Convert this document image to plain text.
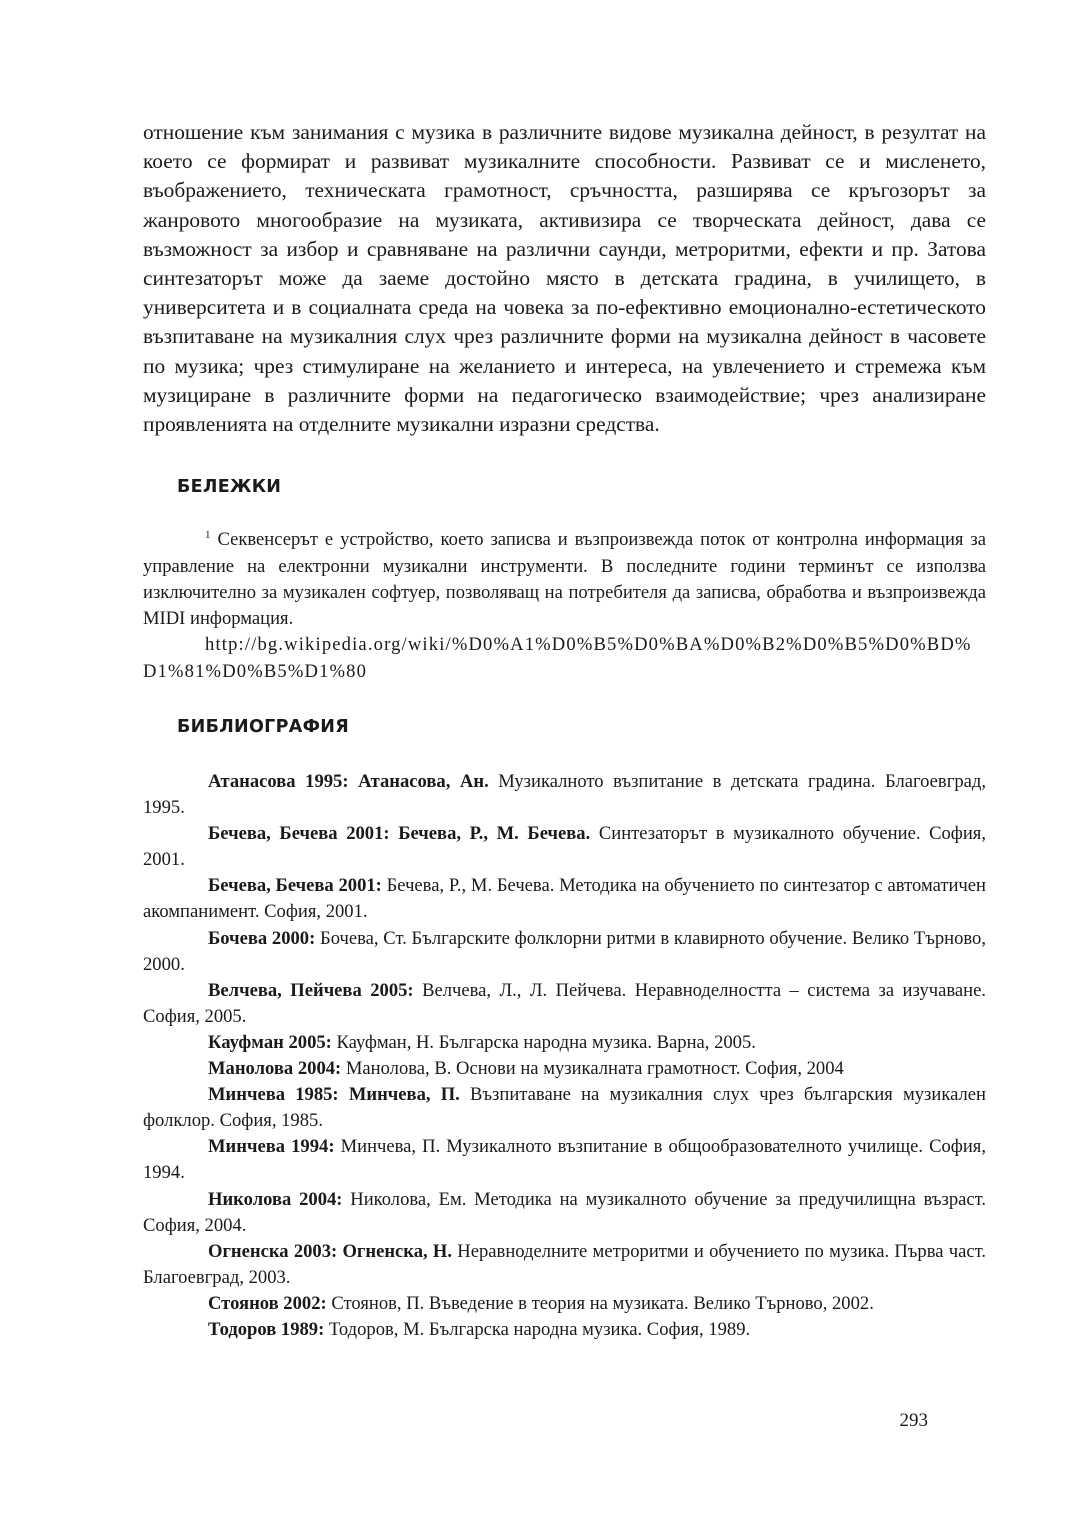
отношение към занимания с музика в различните видове музикална дейност, в резултат на което се формират и развиват музикалните способности. Развиват се и мисленето, въображението, техническата грамотност, сръчността, разширява се кръгозорът за жанровото многообразие на музиката, активизира се творческата дейност, дава се възможност за избор и сравняване на различни саунди, метроритми, ефекти и пр. Затова синтезаторът може да заеме достойно място в детската градина, в училището, в университета и в социалната среда на човека за по-ефективно емоционално-естетическото възпитаване на музикалния слух чрез различните форми на музикална дейност в часовете по музика; чрез стимулиране на желанието и интереса, на увлечението и стремежа към музициране в различните форми на педагогическо взаимодействие; чрез анализиране проявленията на отделните музикални изразни средства.

БЕЛЕЖКИ

$^1$ Секвенсерът е устройство, което записва и възпроизвежда поток от контролна информация за управление на електронни музикални инструменти. В последните години терминът се използва изключително за музикален софтуер, позволяващ на потребителя да записва, обработва и възпроизвежда MIDI информация.

http://bg.wikipedia.org/wiki/%D0%A1%D0%B5%D0%BA%D0%B2%D0%B5%D0%BD%D1%81%D0%B5%D1%80

БИБЛИОГРАФИЯ

Атанасова 1995: Атанасова, Ан. Музикалното възпитание в детската градина. Благоевград, 1995.

Бечева, Бечева 2001: Бечева, Р., М. Бечева. Синтезаторът в музикалното обучение. София, 2001.

Бечева, Бечева 2001: Бечева, Р., М. Бечева. Методика на обучението по синтезатор с автоматичен акомпанимент. София, 2001.

Бочева 2000: Бочева, Ст. Българските фолклорни ритми в клавирното обучение. Велико Търново, 2000.

Велчева, Пейчева 2005: Велчева, Л., Л. Пейчева. Неравноделността – система за изучаване. София, 2005.

Кауфман 2005: Кауфман, Н. Българска народна музика. Варна, 2005.

Манолова 2004: Манолова, В. Основи на музикалната грамотност. София, 2004

Минчева 1985: Минчева, П. Възпитаване на музикалния слух чрез българския музикален фолклор. София, 1985.

Минчева 1994: Минчева, П. Музикалното възпитание в общообразователното училище. София, 1994.

Николова 2004: Николова, Ем. Методика на музикалното обучение за предучилищна възраст. София, 2004.

Огненска 2003: Огненска, Н. Неравноделните метроритми и обучението по музика. Първа част. Благоевград, 2003.

Стоянов 2002: Стоянов, П. Въведение в теория на музиката. Велико Търново, 2002.

Тодоров 1989: Тодоров, М. Българска народна музика. София, 1989.

293
